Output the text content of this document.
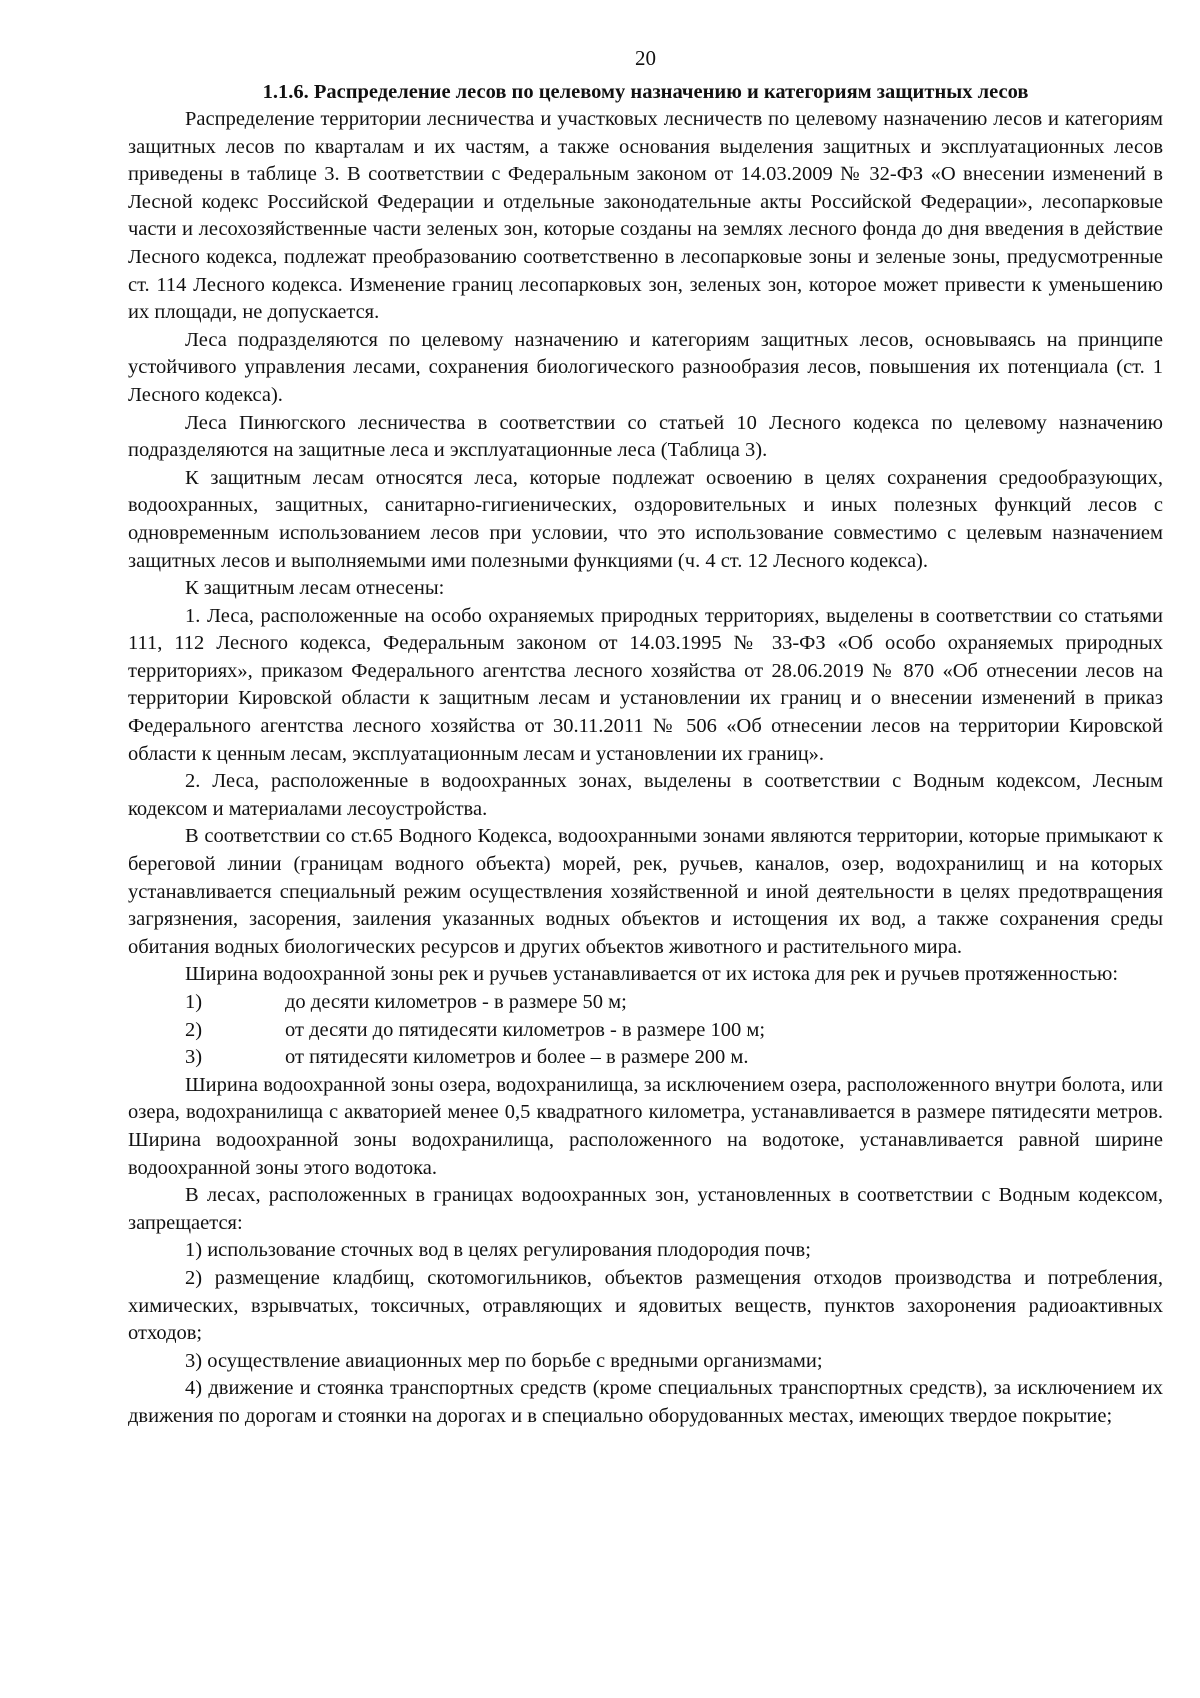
20
1.1.6. Распределение лесов по целевому назначению и категориям защитных лесов

Распределение территории лесничества и участковых лесничеств по целевому назначению лесов и категориям защитных лесов по кварталам и их частям, а также основания выделения защитных и эксплуатационных лесов приведены в таблице 3. В соответствии с Федеральным законом от 14.03.2009 № 32-ФЗ «О внесении изменений в Лесной кодекс Российской Федерации и отдельные законодательные акты Российской Федерации», лесопарковые части и лесохозяйственные части зеленых зон, которые созданы на землях лесного фонда до дня введения в действие Лесного кодекса, подлежат преобразованию соответственно в лесопарковые зоны и зеленые зоны, предусмотренные ст. 114 Лесного кодекса. Изменение границ лесопарковых зон, зеленых зон, которое может привести к уменьшению их площади, не допускается.

Леса подразделяются по целевому назначению и категориям защитных лесов, основываясь на принципе устойчивого управления лесами, сохранения биологического разнообразия лесов, повышения их потенциала (ст. 1 Лесного кодекса).

Леса Пинюгского лесничества в соответствии со статьей 10 Лесного кодекса по целевому назначению подразделяются на защитные леса и эксплуатационные леса (Таблица 3).

К защитным лесам относятся леса, которые подлежат освоению в целях сохранения средообразующих, водоохранных, защитных, санитарно-гигиенических, оздоровительных и иных полезных функций лесов с одновременным использованием лесов при условии, что это использование совместимо с целевым назначением защитных лесов и выполняемыми ими полезными функциями (ч. 4 ст. 12 Лесного кодекса).

К защитным лесам отнесены:

1. Леса, расположенные на особо охраняемых природных территориях, выделены в соответствии со статьями 111, 112 Лесного кодекса, Федеральным законом от 14.03.1995 № 33-ФЗ «Об особо охраняемых природных территориях», приказом Федерального агентства лесного хозяйства от 28.06.2019 № 870 «Об отнесении лесов на территории Кировской области к защитным лесам и установлении их границ и о внесении изменений в приказ Федерального агентства лесного хозяйства от 30.11.2011 № 506 «Об отнесении лесов на территории Кировской области к ценным лесам, эксплуатационным лесам и установлении их границ».

2. Леса, расположенные в водоохранных зонах, выделены в соответствии с Водным кодексом, Лесным кодексом и материалами лесоустройства.

В соответствии со ст.65 Водного Кодекса, водоохранными зонами являются территории, которые примыкают к береговой линии (границам водного объекта) морей, рек, ручьев, каналов, озер, водохранилищ и на которых устанавливается специальный режим осуществления хозяйственной и иной деятельности в целях предотвращения загрязнения, засорения, заиления указанных водных объектов и истощения их вод, а также сохранения среды обитания водных биологических ресурсов и других объектов животного и растительного мира.

Ширина водоохранной зоны рек и ручьев устанавливается от их истока для рек и ручьев протяженностью:

1)	до десяти километров - в размере 50 м;
2)	от десяти до пятидесяти километров - в размере 100 м;
3)	от пятидесяти километров и более – в размере 200 м.

Ширина водоохранной зоны озера, водохранилища, за исключением озера, расположенного внутри болота, или озера, водохранилища с акваторией менее 0,5 квадратного километра, устанавливается в размере пятидесяти метров. Ширина водоохранной зоны водохранилища, расположенного на водотоке, устанавливается равной ширине водоохранной зоны этого водотока.

В лесах, расположенных в границах водоохранных зон, установленных в соответствии с Водным кодексом, запрещается:

1) использование сточных вод в целях регулирования плодородия почв;

2) размещение кладбищ, скотомогильников, объектов размещения отходов производства и потребления, химических, взрывчатых, токсичных, отравляющих и ядовитых веществ, пунктов захоронения радиоактивных отходов;

3) осуществление авиационных мер по борьбе с вредными организмами;

4) движение и стоянка транспортных средств (кроме специальных транспортных средств), за исключением их движения по дорогам и стоянки на дорогах и в специально оборудованных местах, имеющих твердое покрытие;
